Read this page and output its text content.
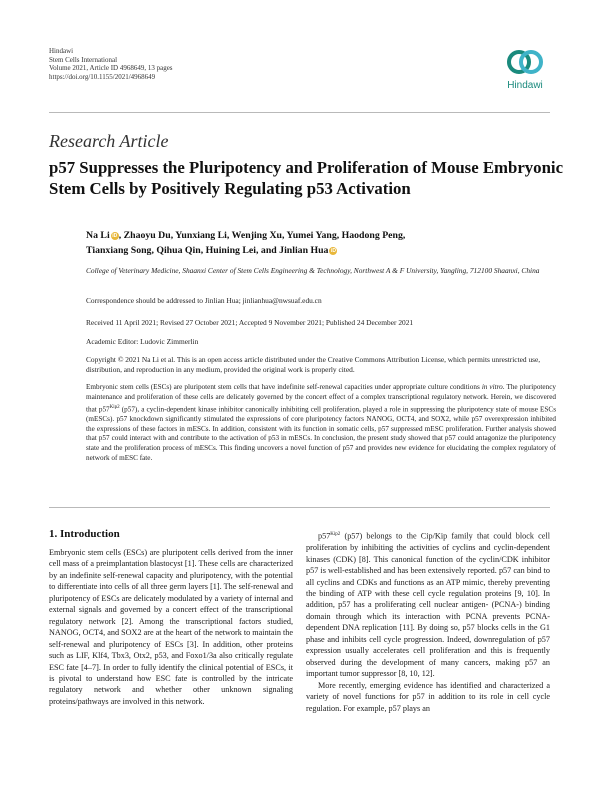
Hindawi
Stem Cells International
Volume 2021, Article ID 4968649, 13 pages
https://doi.org/10.1155/2021/4968649
Hindawi
Research Article
p57 Suppresses the Pluripotency and Proliferation of Mouse Embryonic Stem Cells by Positively Regulating p53 Activation
Na Li iD , Zhaoyu Du, Yunxiang Li, Wenjing Xu, Yumei Yang, Haodong Peng,
Tianxiang Song, Qihua Qin, Huining Lei, and Jinlian Hua iD
College of Veterinary Medicine, Shaanxi Center of Stem Cells Engineering & Technology, Northwest A & F University, Yangling, 712100 Shaanxi, China
Correspondence should be addressed to Jinlian Hua; jinlianhua@nwsuaf.edu.cn
Received 11 April 2021; Revised 27 October 2021; Accepted 9 November 2021; Published 24 December 2021
Academic Editor: Ludovic Zimmerlin
Copyright © 2021 Na Li et al. This is an open access article distributed under the Creative Commons Attribution License, which permits unrestricted use, distribution, and reproduction in any medium, provided the original work is properly cited.
Embryonic stem cells (ESCs) are pluripotent stem cells that have indefinite self-renewal capacities under appropriate culture conditions in vitro. The pluripotency maintenance and proliferation of these cells are delicately governed by the concert effect of a complex transcriptional regulatory network. Herein, we discovered that $p57^{Kip2}$ (p57), a cyclin-dependent kinase inhibitor canonically inhibiting cell proliferation, played a role in suppressing the pluripotency state of mouse ESCs (mESCs). p57 knockdown significantly stimulated the expressions of core pluripotency factors NANOG, OCT4, and SOX2, while p57 overexpression inhibited the expressions of these factors in mESCs. In addition, consistent with its function in somatic cells, p57 suppressed mESC proliferation. Further analysis showed that p57 could interact with and contribute to the activation of p53 in mESCs. In conclusion, the present study showed that p57 could antagonize the pluripotency state and the proliferation process of mESCs. This finding uncovers a novel function of p57 and provides new evidence for elucidating the complex regulatory of network of mESC fate.
1. Introduction

Embryonic stem cells (ESCs) are pluripotent cells derived from the inner cell mass of a preimplantation blastocyst [1]. These cells are characterized by an indefinite self-renewal capacity and pluripotency, with the potential to differentiate into cells of all three germ layers [1]. The self-renewal and pluripotency of ESCs are delicately modulated by a variety of internal and external signals and governed by a concert effect of the transcriptional regulatory network [2]. Among the transcriptional factors studied, NANOG, OCT4, and SOX2 are at the heart of the network to maintain the self-renewal and pluripotency of ESCs [3]. In addition, other proteins such as LIF, Klf4, Tbx3, Otx2, p53, and Foxo1/3a also critically regulate ESC fate [4–7]. In order to fully identify the clinical potential of ESCs, it is pivotal to understand how ESC fate is controlled by the intricate regulatory network and whether other unknown signaling proteins/pathways are involved in this network.

$p57^{Kip2}$ (p57) belongs to the Cip/Kip family that could block cell proliferation by inhibiting the activities of cyclins and cyclin-dependent kinases (CDK) [8]. This canonical function of the cyclin/CDK inhibitor p57 is well-established and has been extensively reported. p57 can bind to all cyclins and CDKs and functions as an ATP mimic, thereby preventing the binding of ATP with these cell cycle regulation proteins [9, 10]. In addition, p57 has a proliferating cell nuclear antigen- (PCNA-) binding domain through which its interaction with PCNA prevents PCNA-dependent DNA replication [11]. By doing so, p57 blocks cells in the G1 phase and inhibits cell cycle progression. Indeed, downregulation of p57 expression usually accelerates cell proliferation and this is frequently observed during the development of many cancers, making p57 an important tumor suppressor [8, 10, 12].

More recently, emerging evidence has identified and characterized a variety of novel functions for p57 in addition to its role in cell cycle regulation. For example, p57 plays an
